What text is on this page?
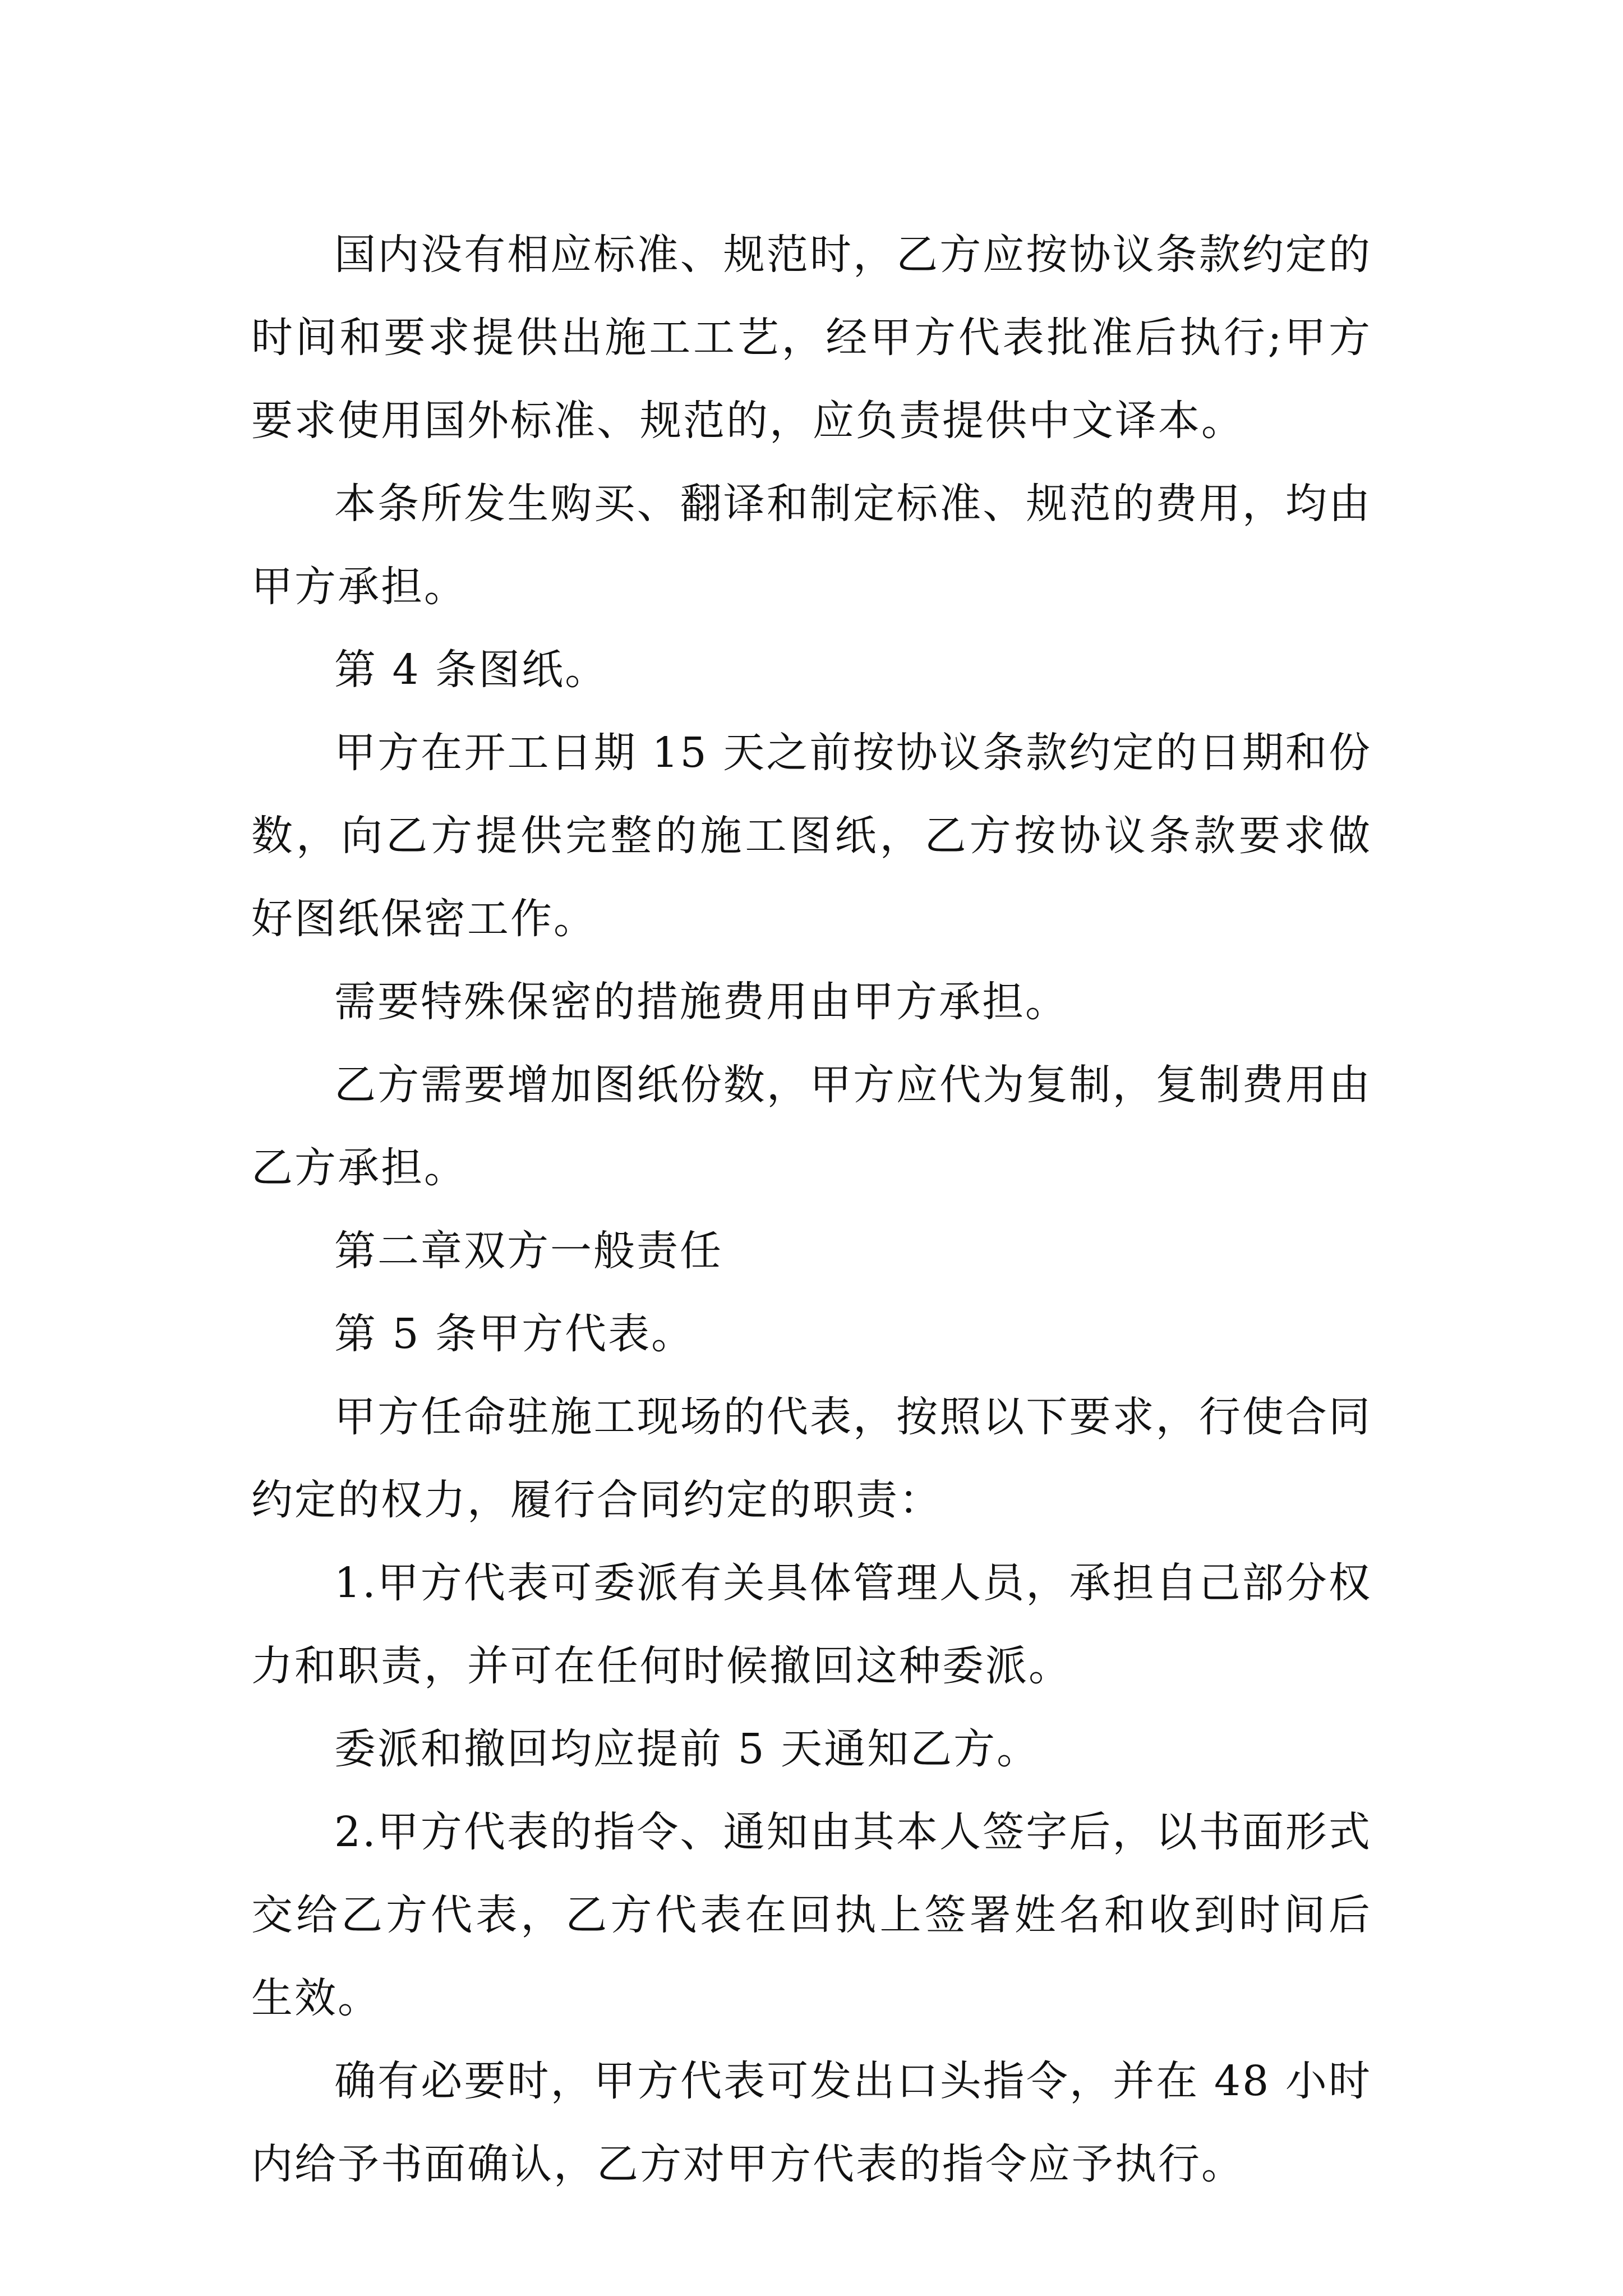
国内没有相应标准、规范时，乙方应按协议条款约定的时间和要求提供出施工工艺，经甲方代表批准后执行;甲方要求使用国外标准、规范的，应负责提供中文译本。

本条所发生购买、翻译和制定标准、规范的费用，均由甲方承担。

第 4 条图纸。

甲方在开工日期 15 天之前按协议条款约定的日期和份数，向乙方提供完整的施工图纸，乙方按协议条款要求做好图纸保密工作。

需要特殊保密的措施费用由甲方承担。

乙方需要增加图纸份数，甲方应代为复制，复制费用由乙方承担。

第二章双方一般责任

第 5 条甲方代表。

甲方任命驻施工现场的代表，按照以下要求，行使合同约定的权力，履行合同约定的职责：

1.甲方代表可委派有关具体管理人员，承担自己部分权力和职责，并可在任何时候撤回这种委派。

委派和撤回均应提前 5 天通知乙方。

2.甲方代表的指令、通知由其本人签字后，以书面形式交给乙方代表，乙方代表在回执上签署姓名和收到时间后生效。

确有必要时，甲方代表可发出口头指令，并在 48 小时内给予书面确认，乙方对甲方代表的指令应予执行。
